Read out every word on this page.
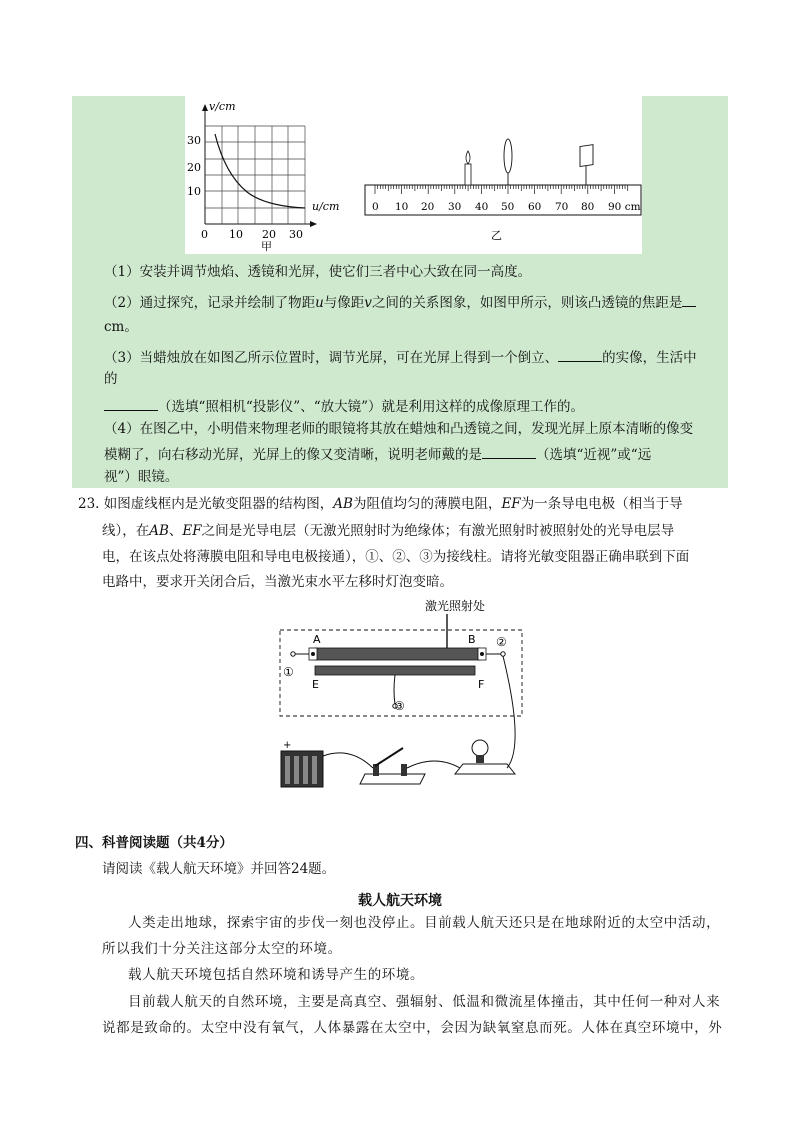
v/cm
u/cm
30
20
10
0 10 20 30
甲
0 10 20 30 40 50 60 70 80 90 cm
乙
（1）安装并调节烛焰、透镜和光屏，使它们三者中心大致在同一高度。
（2）通过探究，记录并绘制了物距u与像距v之间的关系图象，如图甲所示，则该凸透镜的焦距是
cm。
（3）当蜡烛放在如图乙所示位置时，调节光屏，可在光屏上得到一个倒立、	的实像，生活中
的
（选填“照相机“投影仪”、“放大镜”）就是利用这样的成像原理工作的。
（4）在图乙中，小明借来物理老师的眼镜将其放在蜡烛和凸透镜之间，发现光屏上原本清晰的像变
模糊了，向右移动光屏，光屏上的像又变清晰，说明老师戴的是	（选填“近视”或“远
视”）眼镜。
23. 如图虚线框内是光敏变阻器的结构图，AB为阻值均匀的薄膜电阻，EF为一条导电电极（相当于导
线），在AB、EF之间是光导电层（无激光照射时为绝缘体；有激光照射时被照射处的光导电层导
电，在该点处将薄膜电阻和导电电极接通），①、②、③为接线柱。请将光敏变阻器正确串联到下面
电路中，要求开关闭合后，当激光束水平左移时灯泡变暗。
激光照射处
A	B
E	F
①
②
③
+
四、科普阅读题（共4分）
请阅读《载人航天环境》并回答24题。
载人航天环境
人类走出地球，探索宇宙的步伐一刻也没停止。目前载人航天还只是在地球附近的太空中活动，
所以我们十分关注这部分太空的环境。
载人航天环境包括自然环境和诱导产生的环境。
目前载人航天的自然环境，主要是高真空、强辐射、低温和微流星体撞击，其中任何一种对人来
说都是致命的。太空中没有氧气，人体暴露在太空中，会因为缺氧窒息而死。人体在真空环境中，外
